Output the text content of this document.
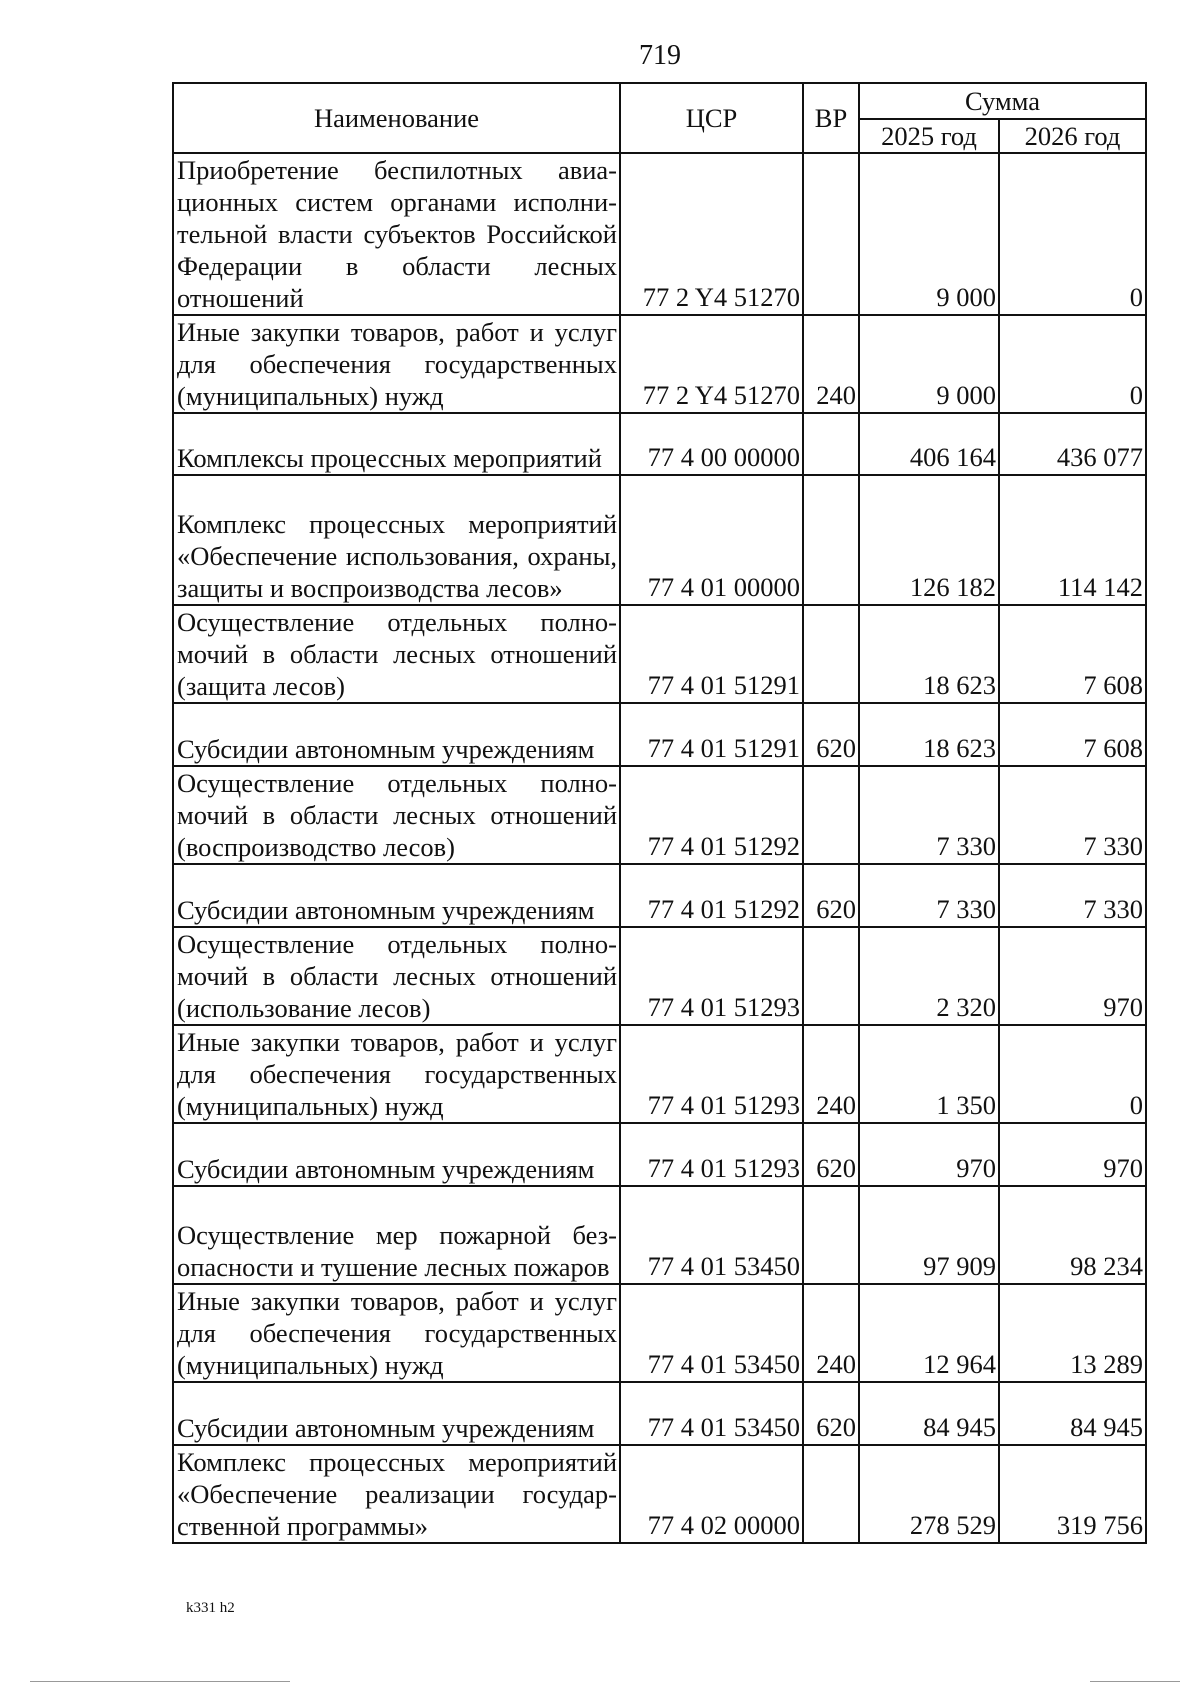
719
Наименование	ЦСР	ВР	Сумма	
			2025 год	2026 год
Приобретение беспилотных авиационных систем органами исполнительной власти субъектов Российской Федерации в области лесных отношений	77 2 Y4 51270		9 000	0
Иные закупки товаров, работ и услуг для обеспечения государственных (муниципальных) нужд	77 2 Y4 51270	240	9 000	0
Комплексы процессных мероприятий	77 4 00 00000		406 164	436 077
Комплекс процессных мероприятий «Обеспечение использования, охраны, защиты и воспроизводства лесов»	77 4 01 00000		126 182	114 142
Осуществление отдельных полномочий в области лесных отношений (защита лесов)	77 4 01 51291		18 623	7 608
Субсидии автономным учреждениям	77 4 01 51291	620	18 623	7 608
Осуществление отдельных полномочий в области лесных отношений (воспроизводство лесов)	77 4 01 51292		7 330	7 330
Субсидии автономным учреждениям	77 4 01 51292	620	7 330	7 330
Осуществление отдельных полномочий в области лесных отношений (использование лесов)	77 4 01 51293		2 320	970
Иные закупки товаров, работ и услуг для обеспечения государственных (муниципальных) нужд	77 4 01 51293	240	1 350	0
Субсидии автономным учреждениям	77 4 01 51293	620	970	970
Осуществление мер пожарной безопасности и тушение лесных пожаров	77 4 01 53450		97 909	98 234
Иные закупки товаров, работ и услуг для обеспечения государственных (муниципальных) нужд	77 4 01 53450	240	12 964	13 289
Субсидии автономным учреждениям	77 4 01 53450	620	84 945	84 945
Комплекс процессных мероприятий «Обеспечение реализации государственной программы»	77 4 02 00000		278 529	319 756
k331 h2
